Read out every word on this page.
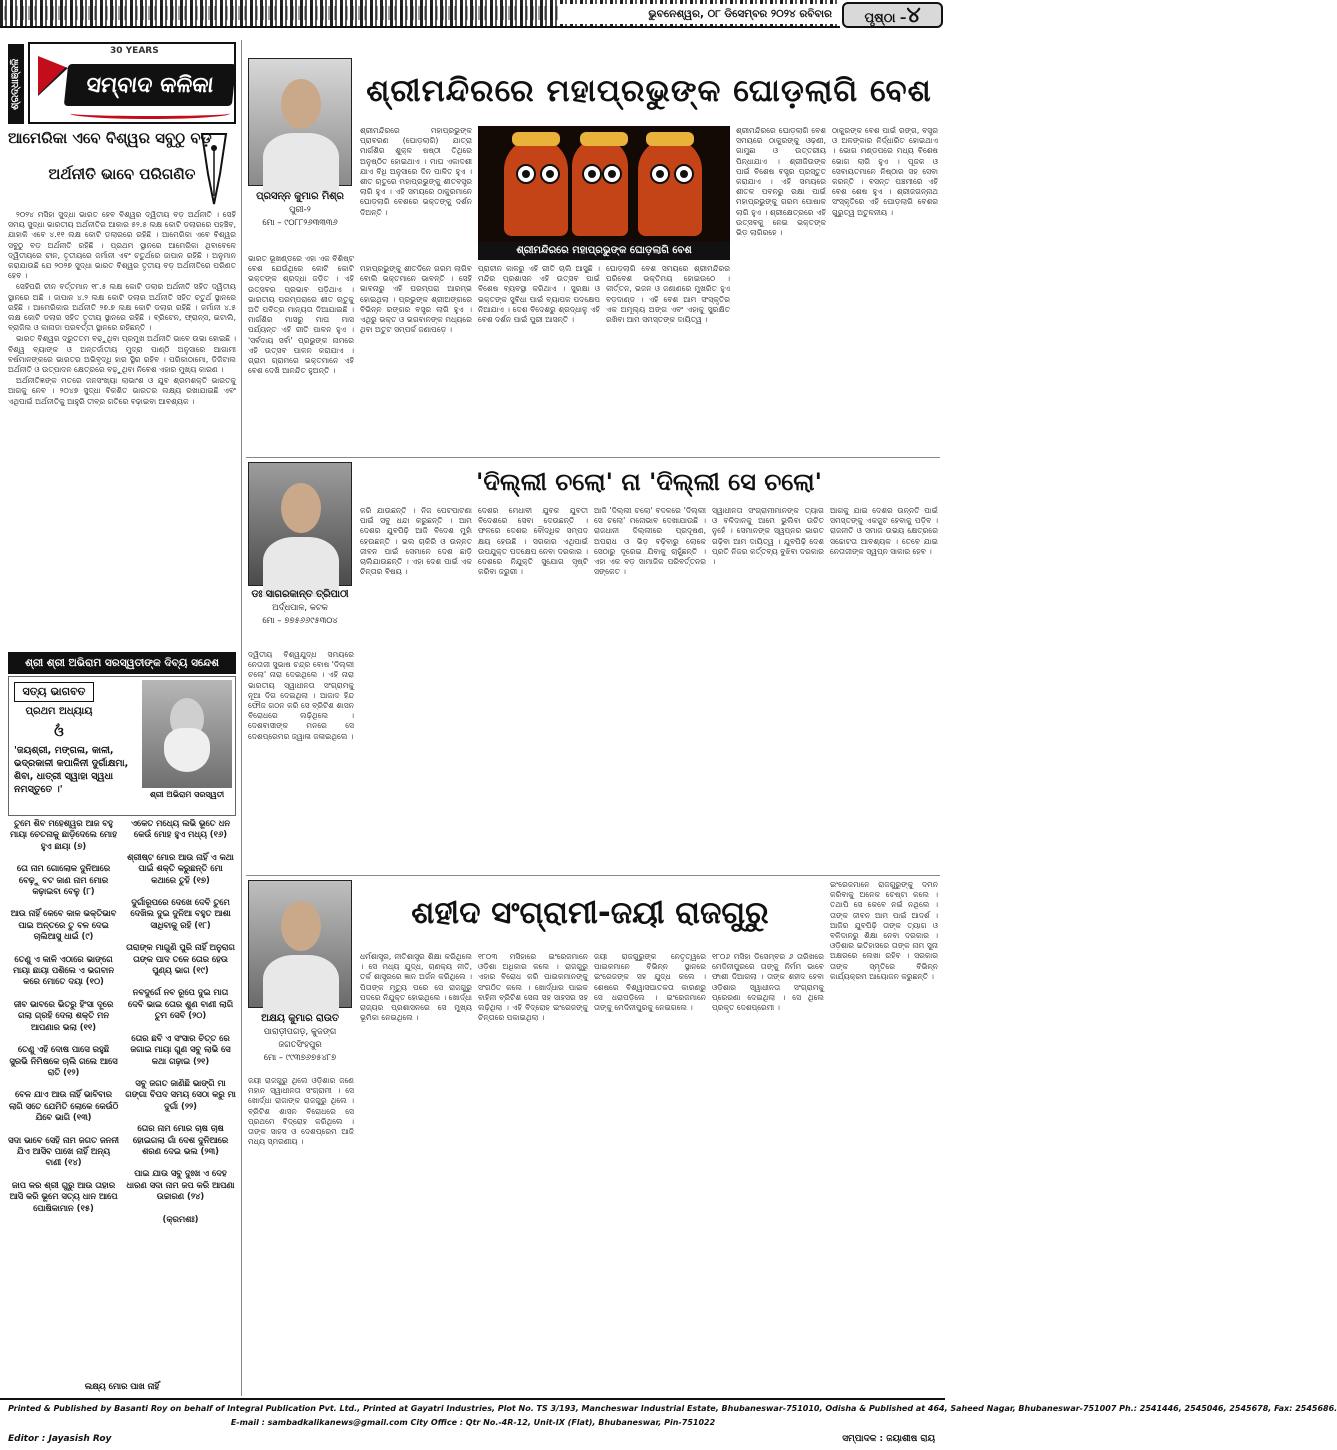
ଭୁବନେଶ୍ୱର, ୦୮ ଡିସେମ୍ବର ୨୦୨୪ ରବିବାର	ପୃଷ୍ଠା –୪
ଶ୍ରଦ୍ଧାଞ୍ଜଳି
30 YEARS
ସମ୍ବାଦ କଳିକା
ଆମେରିକା ଏବେ ବିଶ୍ୱର ସବୁଠୁ ବଡ଼
ଅର୍ଥନୀତି ଭାବେ ପରିଗଣିତ

୨୦୨୪ ମସିହା ସୁଦ୍ଧା ଭାରତ ହେବ ବିଶ୍ୱର ଦ୍ୱିତୀୟ ବଡ଼ ଅର୍ଥନୀତି । ସେହି ସମୟ ସୁଦ୍ଧା ଭାରତୀୟ ଅର୍ଥନୀତିର ଆକାର ୫୨.୫ ଲକ୍ଷ କୋଟି ଡଲାରରେ ପହଞ୍ଚିବ, ଯାହାକି ଏବେ ୪.୧୧ ଲକ୍ଷ କୋଟି ଡଲାରରେ ରହିଛି । ଆମେରିକା ଏବେ ବିଶ୍ୱର ସବୁଠୁ ବଡ଼ ଅର୍ଥନୀତି ରହିଛି । ପ୍ରଥମ ସ୍ଥାନରେ ଆମେରିକା ଥିବାବେଳେ ଦ୍ୱିତୀୟରେ ଚୀନ, ତୃତୀୟରେ ଜର୍ମାନୀ ଏବଂ ଚତୁର୍ଥରେ ଜାପାନ ରହିଛି । ଅନୁମାନ କରାଯାଉଛି ଯେ ୨୦୨୭ ସୁଦ୍ଧା ଭାରତ ବିଶ୍ୱର ତୃତୀୟ ବଡ଼ ଅର୍ଥନୀତିରେ ପରିଣତ ହେବ ।

ସେହିପରି ଚୀନ ବର୍ତ୍ତମାନ ୧୮.୫ ଲକ୍ଷ କୋଟି ଡଲାର ଅର୍ଥନୀତି ସହିତ ଦ୍ୱିତୀୟ ସ୍ଥାନରେ ଅଛି । ଜାପାନ ୪.୨ ଲକ୍ଷ କୋଟି ଡଲାର ଅର୍ଥନୀତି ସହିତ ଚତୁର୍ଥ ସ୍ଥାନରେ ରହିଛି । ଆମେରିକାର ଅର୍ଥନୀତି ୨୭.୭ ଲକ୍ଷ କୋଟି ଡଲାର ରହିଛି । ଜର୍ମାନୀ ୪.୫ ଲକ୍ଷ କୋଟି ଡଲାର ସହିତ ତୃତୀୟ ସ୍ଥାନରେ ରହିଛି । ବ୍ରିଟେନ, ଫ୍ରାନ୍ସ, ଇଟାଲି, ବ୍ରାଜିଲ ଓ କାନାଡା ପରବର୍ତ୍ତୀ ସ୍ଥାନରେ ରହିଛନ୍ତି ।

ଭାରତ ବିଶ୍ୱର ଦ୍ରୁତତମ ବଢ଼ୁଥିବା ପ୍ରମୁଖ ଅର୍ଥନୀତି ଭାବେ ଉଭା ହୋଇଛି । ବିଶ୍ୱ ବ୍ୟାଙ୍କ ଓ ଅନ୍ତର୍ଜାତୀୟ ମୁଦ୍ରା ପାଣ୍ଠି ଅନୁସାରେ ଆଗାମୀ ବର୍ଷମାନଙ୍କରେ ଭାରତର ଅଭିବୃଦ୍ଧି ହାର ସ୍ଥିର ରହିବ । ପରିକାଠାମୋ, ଡିଜିଟାଲ ଅର୍ଥନୀତି ଓ ଉତ୍ପାଦନ କ୍ଷେତ୍ରରେ ବଢ଼ୁଥିବା ନିବେଶ ଏହାର ମୁଖ୍ୟ କାରଣ ।

ଅର୍ଥନୀତିଜ୍ଞଙ୍କ ମତରେ ଜନସଂଖ୍ୟା ଲାଭାଂଶ ଓ ଯୁବ ଶ୍ରମଶକ୍ତି ଭାରତକୁ ଆଗକୁ ନେବ । ୨୦୪୭ ସୁଦ୍ଧା ବିକଶିତ ଭାରତର ଲକ୍ଷ୍ୟ ରଖାଯାଇଛି ଏବଂ ଏଥିପାଇଁ ଅର୍ଥନୀତିକୁ ଆହୁରି ତୀବ୍ର ଗତିରେ ବଢ଼ାଇବା ଆବଶ୍ୟକ ।

ଶ୍ରୀ ଶ୍ରୀ ଅଭିରାମ ସରସ୍ୱତୀଙ୍କ ଦିବ୍ୟ ସନ୍ଦେଶ
ସତ୍ୟ ଭାଗବତ
ପ୍ରଥମ ଅଧ୍ୟାୟ
ଓଁ
'ଜୟଶ୍ରୀ, ମଙ୍ଗଳା, କାଳୀ, ଭଦ୍ରକାଳୀ କପାଳିନୀ ଦୁର୍ଗାକ୍ଷମା, ଶିବା, ଧାତ୍ରୀ ସ୍ୱାହା ସ୍ୱଧା ନମସ୍ତୁତେ ।'	ଶ୍ରୀ ଅଭିରାମ ସରସ୍ୱତୀ
ତୁମେ ଶିବ ମହେଶ୍ୱର ଆଜ ବହୁ ମାୟା ଚେତନାକୁ ଛାଡ଼ିଦେଲେ ମୋହ ହୁଏ ଛାୟା (୭)
ତୋ ନାମ ଗୋଲୋକ ଦୁନିଆରେ ବେଢ଼ୁ ବଟ ଜାଣ ନାମ ମୋର କଢ଼ାଇବା ବେଳୁ (୮)
ଆଉ ନାହିଁ କେବେ କାଳ ଭକ୍ତିଭାବ ପାଇ ଅନ୍ତରେ ତୁ ବଳ ଦେଇ ଚାଲିଆସୁ ଧାଇଁ (୯)
ତେଣୁ ଏ କାଳି ଏଠାରେ ଭାଙ୍ଗେ ମାୟା ଛାୟା ପଶିଲେ ଏ ଭଗବାନ କରେ ମୋତେ ଦୟା (୧୦)
ଜୀବ ଭାବରେ ଭିତରୁ ହିଂସା ଦୂରେ ଗଲା ଗ୍ରହି ଦେଲା ଶକ୍ତି ମନ ଆପଣାର ଭଲା (୧୧)
ତେଣୁ ଏହି ଦୋଷ ପାସେ ରହୁଛି ସୁରଭି ନିମିଷକେ ଚାଲି ଗଲେ ଆସେ ରାତି (୧୨)
ବେଳ ଯାଏ ଆଉ ନାହିଁ ଭାବିବାର ଲାଗି ସତେ ଯେମିତି ଲୋକେ କେଉଁଠି ଯିବେ ଭାଗି (୧୩)
ସଦା ଭାବେ ସେହି ନାମ ଜଗତ ଜନନୀ ଯିଏ ଆସିବ ପାଖେ ନାହିଁ ଅନ୍ୟ ବାଣୀ (୧୪)
ଜାପ କର ଶ୍ରୀ ଗୁରୁ ଆଉ ତାହାର ଆସି କରି ଭୂମେ ସତ୍ୟ ଧାନ ଆପେ ପୋଷିକାମାନ (୧୫)
ଏକେତ ମଧ୍ୟେ ଲଭି ଭୂତେ ଧନ କେଉଁ ମୋହ ହୁଏ ମଧ୍ୟ (୧୬)
ଶ୍ରୀଷ୍ଟ ମୋର ଆଉ ନାହିଁ ଏ କଥା ପାଇଁ ଶକ୍ତି କରୁଛନ୍ତି ମୋ କଥାରେ ତୁହି (୧୭)
ଦୁର୍ଗାରୂପରେ ଦେଖେ ଦେବି ତୁମେ ଦେଖିଲ ଦୁଇ ଦୁନିଆ ବହୁତ ଆଶା ସାଧିବାକୁ ରହି (୧୮)
ତାରାଙ୍କ ମାଗୁଣି ପୁରି ନାହିଁ ଅନୁରାଗ ତାଙ୍କ ପାଦ ତଳେ ତୋର ହେଉ ପୁଣ୍ୟ ଭାଗ (୧୯)
ନବଦୁର୍ଗେ ନବ ରୂପେ ଦୁଇ ମାତା ଦେବି ଭାଇ ତୋର ଶୁଣ ବାଣୀ ଲାଗି ତୁମ ସେବି (୨୦)
ତୋର ଛବି ଏ ସଂସାର ଚିତ୍ତ ରେ ଜଗାଇ ମାୟା ଗୁଣ ସବୁ ଲାଭି ସେ କଥା ଗଢ଼ାଇ (୨୧)
ସବୁ ଜଗତ ଜାଣିଛି ଭାଙ୍ଗି ମା ଗଙ୍ଗା ବିପଦ ସମୟ ସେଠା କରୁ ମା ଦୁର୍ଗା (୨୨)
ତୋର ନାମ ମୋର ଚାଷ ଚାଷ ହୋଇଗଲା ଗାଁ ଦେଶ ଦୁନିଆରେ ଶରଣ ଦେଇ ଭଲ (୨୩)
ପାଇ ଯାଉ ସବୁ ଦୁଃଖ ଏ ଦେହ ଧାରଣ ସଦା ନାମ ଜପ କରି ଆପଣା ଉଚ୍ଚାରଣ (୨୪)
(କ୍ରମଶଃ)
ଲକ୍ଷ୍ୟ ମୋର ପାଖ ନାହିଁ
ପ୍ରସନ୍ନ କୁମାର ମିଶ୍ର
ପୁରୀ-୨
ମୋ – ୯୦୮୮୨୬୩୩୩୬
ଶ୍ରୀମନ୍ଦିରରେ ମହାପ୍ରଭୁଙ୍କ ଘୋଡ଼ଲାଗି ବେଶ
ଶ୍ରୀମନ୍ଦିରରେ ମହାପ୍ରଭୁଙ୍କ ପ୍ରାବରଣ (ଘୋଡ଼ଲାଗି) ଯାତ୍ରା ମାର୍ଗଶିର ଶୁକ୍ଳ ଷଷ୍ଠୀ ତିଥିରେ ଅନୁଷ୍ଠିତ ହୋଇଥାଏ । ମାଘ ଏକାଦଶୀ ଯାଏ ବିଧି ଅନୁସାରେ ଦିନ ପାଳିତ ହୁଏ । ଶୀତ ଋତୁରେ ମହାପ୍ରଭୁଙ୍କୁ ଶୀତବସ୍ତ୍ର ଲାଗି ହୁଏ । ଏହି ସମୟରେ ଠାକୁରମାନେ ଘୋଡ଼ଲାଗି ବେଶରେ ଭକ୍ତଙ୍କୁ ଦର୍ଶନ ଦିଅନ୍ତି ।
ଭାରତ ଭୂଖଣ୍ଡରେ ଏହା ଏକ ବିଶିଷ୍ଟ ବେଶ ଯେଉଁଥିରେ କୋଟି କୋଟି ଭକ୍ତଙ୍କ ଶ୍ରଦ୍ଧା ଜଡ଼ିତ । ଏହି ଉତ୍ସବର ପ୍ରଭାବ ପଡ଼ିଥାଏ । ଭାରତୀୟ ପରମ୍ପରାରେ ଶୀତ ଋତୁକୁ ଅତି ପବିତ୍ର ମାନ୍ୟତା ଦିଆଯାଇଛି । ମାର୍ଗଶିର ମାସରୁ ମାଘ ମାସ ପର୍ଯ୍ୟନ୍ତ ଏହି ରୀତି ପାଳନ ହୁଏ । 'ସର୍ବଦାୟ ସର୍ବା' ପ୍ରଭୁଙ୍କ ନାମରେ ଏହି ଉତ୍ସବ ପାଳନ କରାଯାଏ । ଗ୍ରାମ ଗ୍ରାମରେ ଭକ୍ତମାନେ ଏହି ବେଶ ଦେଖି ଆନନ୍ଦିତ ହୁଅନ୍ତି ।
ଶ୍ରୀମନ୍ଦିରରେ ମହାପ୍ରଭୁଙ୍କ ଘୋଡ଼ଲାଗି ବେଶ
ଶ୍ରୀମନ୍ଦିରରେ ଘୋଡ଼ଲାଗି ବେଶ ସମୟରେ ଠାକୁରଙ୍କୁ ଓଢ଼ଣୀ, ଗାମୁଛା ଓ ଉତ୍ତରୀୟ ପିନ୍ଧାଯାଏ । ଶ୍ରୀଜିଉଙ୍କ ପାଇଁ ବିଶେଷ ବସ୍ତ୍ର ପ୍ରସ୍ତୁତ କରାଯାଏ । ଏହି ସମୟରେ ଶୀତଳ ପବନରୁ ରକ୍ଷା ପାଇଁ ମହାପ୍ରଭୁଙ୍କୁ ଗରମ ପୋଷାକ ଲାଗି ହୁଏ । ଶ୍ରୀକ୍ଷେତ୍ରରେ ଏହି ଉତ୍ସବକୁ ନେଇ ଭକ୍ତଙ୍କ ଭିଡ଼ ଲାଗିରହେ ।
ଠାକୁରଙ୍କ ବେଶ ପାଇଁ ରଙ୍ଗ, ବସ୍ତ୍ର ଓ ଅଳଙ୍କାର ନିର୍ଦ୍ଧାରିତ ହୋଇଥାଏ । ଭୋଗ ମଣ୍ଡପରେ ମଧ୍ୟ ବିଶେଷ ଭୋଗ ଲାଗି ହୁଏ । ପୂଜକ ଓ ସେବାୟତମାନେ ନିଷ୍ଠାର ସହ ସେବା କରନ୍ତି । ବସନ୍ତ ପଞ୍ଚମୀରେ ଏହି ବେଶ ଶେଷ ହୁଏ । ଶ୍ରୀଜଗନ୍ନାଥ ସଂସ୍କୃତିରେ ଏହି ଘୋଡ଼ଲାଗି ବେଶର ଗୁରୁତ୍ୱ ଅତୁଳନୀୟ ।
ମହାପ୍ରଭୁଙ୍କୁ ଶୀତଦିନେ ଗରମ ଲାଗିବ ବୋଲି ଭକ୍ତମାନେ ଭାବନ୍ତି । ସେହି ଭାବନାରୁ ଏହି ପରମ୍ପରା ଆରମ୍ଭ ହୋଇଥିଲା । ପ୍ରଭୁଙ୍କ ଶ୍ରୀଅଙ୍ଗରେ ବିଭିନ୍ନ ରଙ୍ଗର ବସ୍ତ୍ର ଲାଗି ହୁଏ । ଏଥିରୁ ଭକ୍ତ ଓ ଭଗବାନଙ୍କ ମଧ୍ୟରେ ଥିବା ଅତୁଟ ସମ୍ପର୍କ ଜଣାପଡ଼େ ।
ପ୍ରାଚୀନ କାଳରୁ ଏହି ରୀତି ଚାଲି ଆସୁଛି । ମନ୍ଦିର ପ୍ରଶାସନ ଏହି ଉତ୍ସବ ପାଇଁ ବିଶେଷ ବ୍ୟବସ୍ଥା କରିଥାଏ । ସୁରକ୍ଷା ଓ ଭକ୍ତଙ୍କ ସୁବିଧା ପାଇଁ ବ୍ୟାପକ ପଦକ୍ଷେପ ନିଆଯାଏ । ଦେଶ ବିଦେଶରୁ ଶ୍ରଦ୍ଧାଳୁ ଏହି ବେଶ ଦର୍ଶନ ପାଇଁ ପୁରୀ ଆସନ୍ତି ।
ଘୋଡ଼ଲାଗି ବେଶ ସମୟରେ ଶ୍ରୀମନ୍ଦିରର ପରିବେଶ ଭକ୍ତିମୟ ହୋଇଉଠେ । କୀର୍ତ୍ତନ, ଭଜନ ଓ ଜଣାଣରେ ମୁଖରିତ ହୁଏ ବଡ଼ଦାଣ୍ଡ । ଏହି ବେଶ ଆମ ସଂସ୍କୃତିର ଏକ ଅମୂଲ୍ୟ ଅଙ୍ଗ ଏବଂ ଏହାକୁ ସୁରକ୍ଷିତ ରଖିବା ଆମ ସମସ୍ତଙ୍କ ଦାୟିତ୍ୱ ।
ଡଃ ସାଗରକାନ୍ତ ତ୍ରିପାଠୀ
ଅର୍ଦ୍ଧପାଳ, କଟକ
ମୋ – ୭୭୫୬୬୯୫୩୦୪
'ଦିଲ୍ଲୀ ଚଲୋ' ନା 'ଦିଲ୍ଲୀ ସେ ଚଲୋ'
ଦ୍ୱିତୀୟ ବିଶ୍ୱଯୁଦ୍ଧ ସମୟରେ ନେତାଜୀ ସୁଭାଷ ଚନ୍ଦ୍ର ବୋଷ 'ଦିଲ୍ଲୀ ଚଲୋ' ନାରା ଦେଇଥିଲେ । ଏହି ନାରା ଭାରତୀୟ ସ୍ୱାଧୀନତା ସଂଗ୍ରାମକୁ ନୂଆ ଦିଗ ଦେଇଥିଲା । ଆଜାଦ ହିନ୍ଦ ଫୌଜ ଗଠନ କରି ସେ ବ୍ରିଟିଶ ଶାସନ ବିରୋଧରେ ଲଢ଼ିଥିଲେ । ଦେଶବାସୀଙ୍କ ମନରେ ସେ ଦେଶପ୍ରେମର ଜ୍ୱାଳା ଜଳାଇଥିଲେ ।
କରି ଯାଉଛନ୍ତି । ନିଜ ପେଟପାଟଣା ପାଇଁ ସବୁ ଧନ୍ଦା କରୁଛନ୍ତି । ଆମ ଦେଶର ଯୁବପିଢ଼ି ଆଜି ବିଦେଶ ମୁହାଁ ହେଉଛନ୍ତି । ଭଲ ଚାକିରି ଓ ଉନ୍ନତ ଜୀବନ ପାଇଁ ସେମାନେ ଦେଶ ଛାଡ଼ି ଚାଲିଯାଉଛନ୍ତି । ଏହା ଦେଶ ପାଇଁ ଏକ ଚିନ୍ତାର ବିଷୟ ।
ଦେଶର ମେଧାବୀ ଯୁବକ ଯୁବତୀ ବିଦେଶରେ ସେବା ଦେଉଛନ୍ତି । ଫଳରେ ଦେଶର ବୌଦ୍ଧିକ ସମ୍ପଦ କ୍ଷୟ ହେଉଛି । ସରକାର ଏଥିପାଇଁ ଉପଯୁକ୍ତ ପଦକ୍ଷେପ ନେବା ଦରକାର । ଦେଶରେ ନିଯୁକ୍ତି ସୁଯୋଗ ସୃଷ୍ଟି କରିବା ଜରୁରୀ ।
ଆଜି 'ଦିଲ୍ଲୀ ଚଲୋ' ବଦଳରେ 'ଦିଲ୍ଲୀ ସେ ଚଲୋ' ମନୋଭାବ ଦେଖାଯାଉଛି । ରାଜଧାନୀ ଦିଲ୍ଲୀରେ ପ୍ରଦୂଷଣ, ଅପରାଧ ଓ ଭିଡ଼ ବଢ଼ିବାରୁ ଲୋକେ ସେଠାରୁ ଦୂରେଇ ଯିବାକୁ ଚାହୁଁଛନ୍ତି । ଏହା ଏକ ବଡ଼ ସାମାଜିକ ପରିବର୍ତ୍ତନର ସଙ୍କେତ ।
ସ୍ୱାଧୀନତା ସଂଗ୍ରାମୀମାନଙ୍କ ତ୍ୟାଗ ଓ ବଳିଦାନକୁ ଆମେ ଭୁଲିବା ଉଚିତ ନୁହେଁ । ସେମାନଙ୍କ ସ୍ୱପ୍ନର ଭାରତ ଗଢ଼ିବା ଆମ ଦାୟିତ୍ୱ । ଯୁବପିଢ଼ି ଦେଶ ପ୍ରତି ନିଜର କର୍ତ୍ତବ୍ୟ ବୁଝିବା ଦରକାର ।
ଆଗକୁ ଯାଇ ଦେଶର ଉନ୍ନତି ପାଇଁ ସମସ୍ତଙ୍କୁ ଏକଜୁଟ ହେବାକୁ ପଡ଼ିବ । ରାଜନୀତି ଓ ସମାଜ ଉଭୟ କ୍ଷେତ୍ରରେ ସଚ୍ଚୋଟତା ଆବଶ୍ୟକ । ତେବେ ଯାଇ ନେତାଜୀଙ୍କ ସ୍ୱପ୍ନ ସାକାର ହେବ ।
ଅକ୍ଷୟ କୁମାର ରାଉତ
ପାରାଡ଼ୀପଗଡ଼, କୁଜଙ୍ଗ ଜଗତସିଂହପୁର
ମୋ – ୯୯୩୭୬୭୫୪୮୭
ଶହୀଦ ସଂଗ୍ରାମୀ-ଜୟୀ ରାଜଗୁରୁ
ଜୟୀ ରାଜଗୁରୁ ଥିଲେ ଓଡ଼ିଶାର ଜଣେ ମହାନ ସ୍ୱାଧୀନତା ସଂଗ୍ରାମୀ । ସେ ଖୋର୍ଦ୍ଧା ରାଜାଙ୍କ ରାଜଗୁରୁ ଥିଲେ । ବ୍ରିଟିଶ ଶାସନ ବିରୋଧରେ ସେ ପ୍ରଥମେ ବିଦ୍ରୋହ କରିଥିଲେ । ତାଙ୍କ ସାହସ ଓ ଦେଶପ୍ରେମ ଆଜି ମଧ୍ୟ ସ୍ମରଣୀୟ ।
ଧର୍ମଶାସ୍ତ୍ର, ନୀତିଶାସ୍ତ୍ର ଶିକ୍ଷା କରିଥିଲେ । ସେ ମଧ୍ୟ ଯୁଦ୍ଧ, ଚାଣକ୍ୟ ନୀତି, ତର୍କ ଶାସ୍ତ୍ରରେ ଜ୍ଞାନ ଅର୍ଜନ କରିଥିଲେ । ପିତାଙ୍କ ମୃତ୍ୟୁ ପରେ ସେ ରାଜଗୁରୁ ପଦରେ ନିଯୁକ୍ତ ହୋଇଥିଲେ । ଖୋର୍ଦ୍ଧା ରାଜ୍ୟର ପ୍ରଶାସନରେ ସେ ମୁଖ୍ୟ ଭୂମିକା ନେଇଥିଲେ ।
୧୮୦୩ ମସିହାରେ ଇଂରେଜମାନେ ଓଡ଼ିଶା ଅଧିକାର କଲେ । ରାଜଗୁରୁ ଏହାର ବିରୋଧ କରି ପାଇକମାନଙ୍କୁ ସଂଗଠିତ କଲେ । ଖୋର୍ଦ୍ଧାର ପାଇକ ବାହିନୀ ବ୍ରିଟିଶ ସେନା ସହ ସାହସର ସହ ଲଢ଼ିଥିଲା । ଏହି ବିଦ୍ରୋହ ଇଂରେଜଙ୍କୁ ଚିନ୍ତାରେ ପକାଇଥିଲା ।
ଜୟୀ ରାଜଗୁରୁଙ୍କ ନେତୃତ୍ୱରେ ପାଇକମାନେ ବିଭିନ୍ନ ସ୍ଥାନରେ ଇଂରେଜଙ୍କ ସହ ଯୁଦ୍ଧ କଲେ । ଶେଷରେ ବିଶ୍ୱାସଘାତକତା କାରଣରୁ ସେ ଧରାପଡ଼ିଲେ । ଇଂରେଜମାନେ ତାଙ୍କୁ ମେଦିନୀପୁରକୁ ନେଇଗଲେ ।
୧୮୦୬ ମସିହା ଡିସେମ୍ବର ୬ ତାରିଖରେ ମେଦିନୀପୁରରେ ତାଙ୍କୁ ନିର୍ମମ ଭାବେ ଫାଶୀ ଦିଆଗଲା । ତାଙ୍କ ଶହୀଦ ହେବା ଓଡ଼ିଶାର ସ୍ୱାଧୀନତା ସଂଗ୍ରାମକୁ ପ୍ରେରଣା ଦେଇଥିଲା । ସେ ଥିଲେ ପ୍ରକୃତ ଦେଶପ୍ରେମୀ ।
ଇଂରେଜମାନେ ରାଜଗୁରୁଙ୍କୁ ଦମନ କରିବାକୁ ଅନେକ ଚେଷ୍ଟା କଲେ । ତଥାପି ସେ କେବେ ନଇଁ ନଥିଲେ । ତାଙ୍କ ଜୀବନ ଆମ ପାଇଁ ଆଦର୍ଶ । ଆଜିର ଯୁବପିଢ଼ି ତାଙ୍କ ତ୍ୟାଗ ଓ ବଳିଦାନରୁ ଶିକ୍ଷା ନେବା ଦରକାର । ଓଡ଼ିଶାର ଇତିହାସରେ ତାଙ୍କ ନାମ ସୁନା ଅକ୍ଷରରେ ଲେଖା ରହିବ । ସରକାର ତାଙ୍କ ସ୍ମୃତିରେ ବିଭିନ୍ନ କାର୍ଯ୍ୟକ୍ରମ ଆୟୋଜନ କରୁଛନ୍ତି ।
Printed & Published by Basanti Roy on behalf of Integral Publication Pvt. Ltd., Printed at Gayatri Industries, Plot No. TS 3/193, Mancheswar Industrial Estate, Bhubaneswar-751010, Odisha & Published at 464, Saheed Nagar, Bhubaneswar-751007 Ph.: 2541446, 2545046, 2545678, Fax: 2545686.
E-mail : sambadkalikanews@gmail.com City Office : Qtr No.-4R-12, Unit-IX (Flat), Bhubaneswar, Pin-751022
Editor : Jayasish Roy	ସମ୍ପାଦକ : ଜୟାଶୀଷ ରାୟ
